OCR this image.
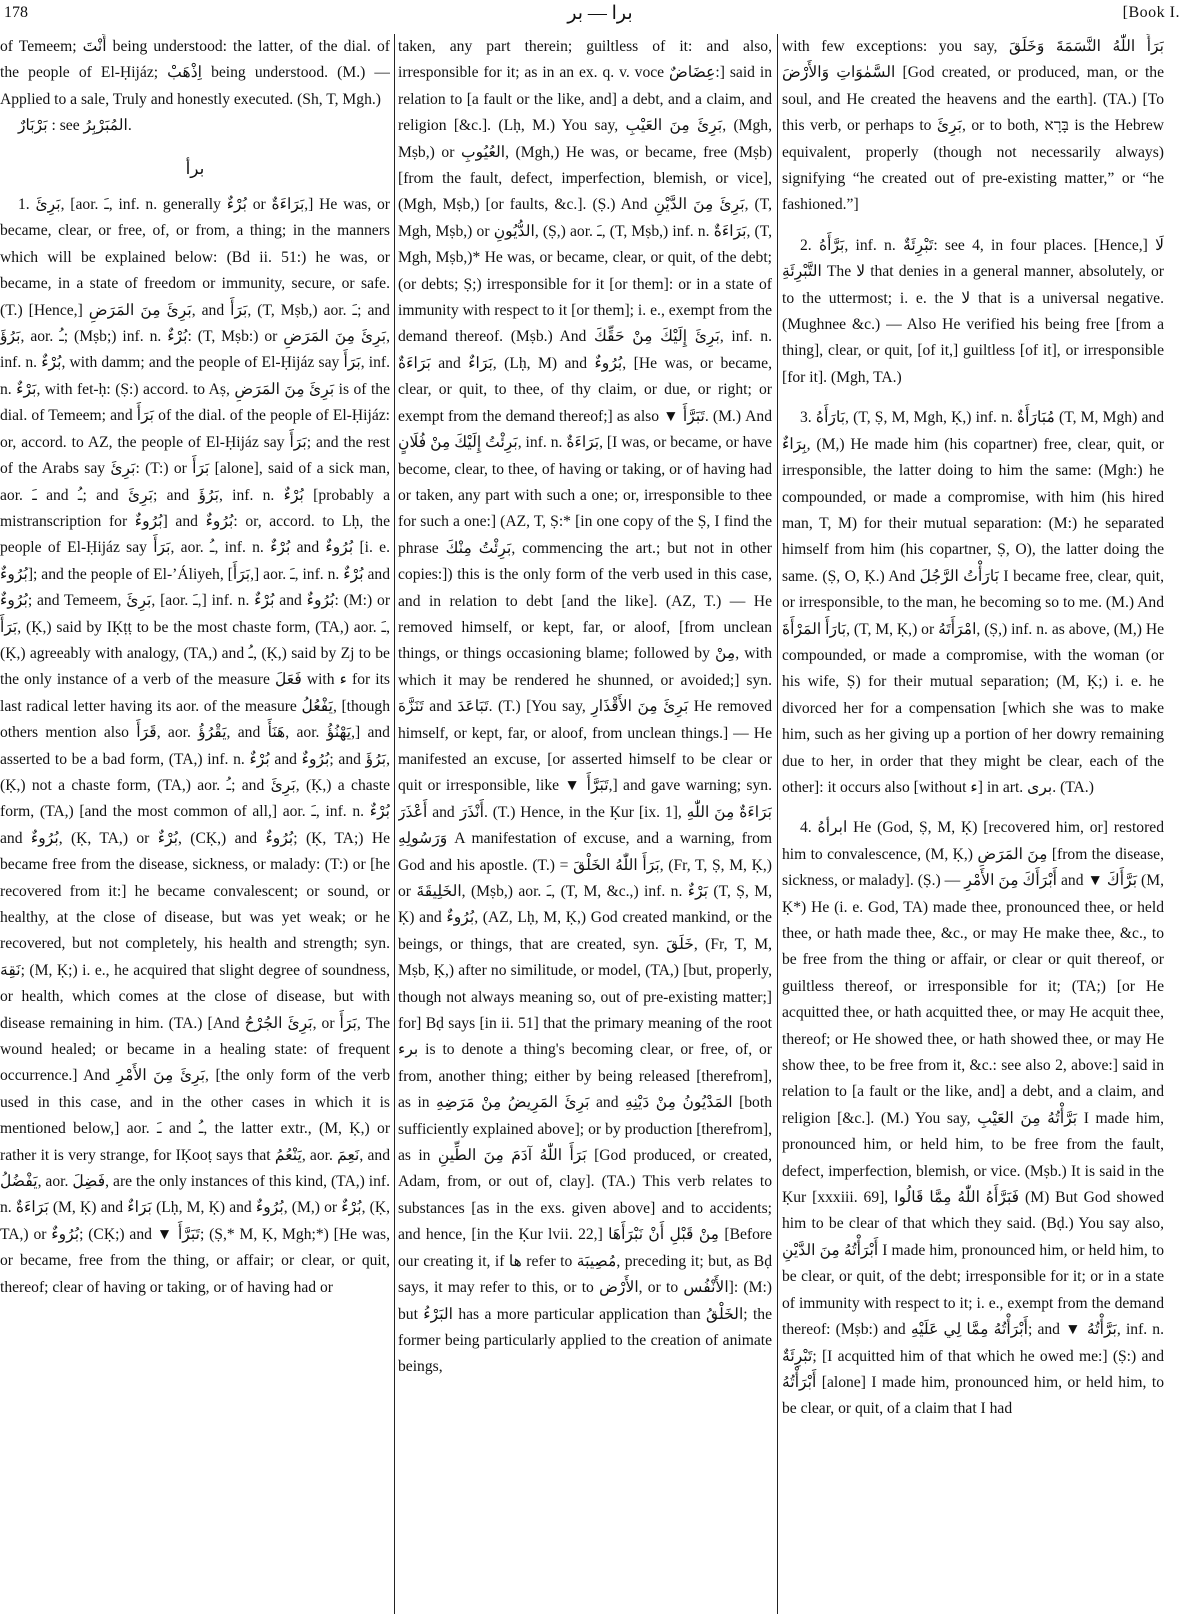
178	برا — بر	[Book I.

of Temeem; أَنْتَ being understood: the latter, of the dial. of the people of El-Ḥijáz; اِذْهَبْ being understood. (M.) — Applied to a sale, Truly and honestly executed. (Sh, T, Mgh.)

بَرْبَارٌ : see المُبَرْبِرُ.

برأ

1. بَرِئَ, [aor. ـَ, inf. n. generally بُرْءٌ or بَرَاءَةٌ,] He was, or became, clear, or free, of, or from, a thing; in the manners which will be explained below: (Bd ii. 51:) he was, or became, in a state of freedom or immunity, secure, or safe. (T.) [Hence,] بَرِئَ مِنَ المَرَضِ, and بَرَأَ, (T, Mṣb,) aor. ـَ; and بَرُؤَ, aor. ـُ; (Mṣb;) inf. n. بُرْءٌ: (T, Mṣb:) or بَرِئَ مِنَ المَرَضِ, inf. n. بُرْءٌ, with damm; and the people of El-Ḥijáz say بَرَأَ, inf. n. بَرْءٌ, with fet-ḥ: (Ṣ:) accord. to Aṣ, بَرِئَ مِنَ المَرَضِ is of the dial. of Temeem; and بَرَأَ of the dial. of the people of El-Ḥijáz: or, accord. to AZ, the people of El-Ḥijáz say بَرَأَ; and the rest of the Arabs say بَرِئَ: (T:) or بَرَأَ [alone], said of a sick man, aor. ـَ and ـُ; and بَرِئَ; and بَرُؤَ, inf. n. بُرْءٌ [probably a mistranscription for بُرُوءٌ] and بُرُوءٌ: or, accord. to Lḥ, the people of El-Ḥijáz say بَرَأَ, aor. ـُ, inf. n. بُرْءٌ and بُرُوءٌ [i. e. بُرُوءٌ]; and the people of El-ʼÁliyeh, [بَرَأَ,] aor. ـَ, inf. n. بُرْءٌ and بُرُوءٌ; and Temeem, بَرِئَ, [aor. ـَ,] inf. n. بُرْءٌ and بُرُوءٌ: (M:) or بَرَأَ, (Ḳ,) said by IḲṭṭ to be the most chaste form, (TA,) aor. ـَ, (Ḳ,) agreeably with analogy, (TA,) and ـُ, (Ḳ,) said by Zj to be the only instance of a verb of the measure فَعَلَ with ء for its last radical letter having its aor. of the measure يَفْعُلُ, [though others mention also قَرَأَ, aor. يَقْرُؤُ, and هَنَأَ, aor. يَهْنُؤُ,] and asserted to be a bad form, (TA,) inf. n. بُرْءٌ and بُرُوءٌ; and بَرُؤَ, (Ḳ,) not a chaste form, (TA,) aor. ـُ; and بَرِئَ, (Ḳ,) a chaste form, (TA,) [and the most common of all,] aor. ـَ, inf. n. بُرْءٌ and بُرُوءٌ, (Ḳ, TA,) or بُرْءٌ, (CḲ,) and بُرُوءٌ; (Ḳ, TA;) He became free from the disease, sickness, or malady: (T:) or [he recovered from it:] he became convalescent; or sound, or healthy, at the close of disease, but was yet weak; or he recovered, but not completely, his health and strength; syn. نَقِهَ; (M, Ḳ;) i. e., he acquired that slight degree of soundness, or health, which comes at the close of disease, but with disease remaining in him. (TA.) [And بَرِئَ الجُرْحُ, or بَرَأَ, The wound healed; or became in a healing state: of frequent occurrence.] And بَرِئَ مِنَ الأَمْرِ, [the only form of the verb used in this case, and in the other cases in which it is mentioned below,] aor. ـَ and ـُ, the latter extr., (M, Ḳ,) or rather it is very strange, for IḲooṭ says that يَنْعُمُ, aor. نَعِمَ, and يَفْضُلُ, aor. فَضِلَ, are the only instances of this kind, (TA,) inf. n. بَرَاءَةٌ (M, Ḳ) and بَرَاءٌ (Lḥ, M, Ḳ) and بُرُوءٌ, (M,) or بُرْءٌ, (Ḳ, TA,) or بُرُوءٌ; (CḲ;) and ▼ تَبَرَّأَ; (Ṣ,* M, Ḳ, Mgh;*) [He was, or became, free from the thing, or affair; or clear, or quit, thereof; clear of having or taking, or of having had or

taken, any part therein; guiltless of it: and also, irresponsible for it; as in an ex. q. v. voce عِضَاضٌ:] said in relation to [a fault or the like, and] a debt, and a claim, and religion [&c.]. (Lḥ, M.) You say, بَرِئَ مِنَ العَيْبِ, (Mgh, Mṣb,) or العُيُوبِ, (Mgh,) He was, or became, free (Mṣb) [from the fault, defect, imperfection, blemish, or vice], (Mgh, Mṣb,) [or faults, &c.]. (Ṣ.) And بَرِئَ مِنَ الدَّيْنِ, (T, Mgh, Mṣb,) or الدُّيُونِ, (Ṣ,) aor. ـَ, (T, Mṣb,) inf. n. بَرَاءَةٌ, (T, Mgh, Mṣb,)* He was, or became, clear, or quit, of the debt; (or debts; Ṣ;) irresponsible for it [or them]: or in a state of immunity with respect to it [or them]; i. e., exempt from the demand thereof. (Mṣb.) And بَرِئَ إِلَيْكَ مِنْ حَقِّكَ, inf. n. بَرَاءَةٌ and بَرَاءٌ, (Lḥ, M) and بُرُوءٌ, [He was, or became, clear, or quit, to thee, of thy claim, or due, or right; or exempt from the demand thereof;] as also ▼ تَبَرَّأَ. (M.) And بَرِئْتُ إِلَيْكَ مِنْ فُلَانٍ, inf. n. بَرَاءَةٌ, [I was, or became, or have become, clear, to thee, of having or taking, or of having had or taken, any part with such a one; or, irresponsible to thee for such a one:] (AZ, T, Ṣ:* [in one copy of the Ṣ, I find the phrase بَرِئْتُ مِنْكَ, commencing the art.; but not in other copies:]) this is the only form of the verb used in this case, and in relation to debt [and the like]. (AZ, T.) — He removed himself, or kept, far, or aloof, [from unclean things, or things occasioning blame; followed by مِنْ, with which it may be rendered he shunned, or avoided;] syn. تَنَزَّهَ and تَبَاعَدَ. (T.) [You say, بَرِئَ مِنَ الأَقْذَارِ He removed himself, or kept, far, or aloof, from unclean things.] — He manifested an excuse, [or asserted himself to be clear or quit or irresponsible, like ▼ تَبَرَّأَ,] and gave warning; syn. أَعْذَرَ and أَنْذَرَ. (T.) Hence, in the Ḳur [ix. 1], بَرَاءَةٌ مِنَ اللّٰهِ وَرَسُولِهِ A manifestation of excuse, and a warning, from God and his apostle. (T.) = بَرَأَ اللّٰهُ الخَلْقَ, (Fr, T, Ṣ, M, Ḳ,) or الخَلِيقَةَ, (Mṣb,) aor. ـَ, (T, M, &c.,) inf. n. بَرْءٌ (T, Ṣ, M, Ḳ) and بُرُوءٌ, (AZ, Lḥ, M, Ḳ,) God created mankind, or the beings, or things, that are created, syn. خَلَقَ, (Fr, T, M, Mṣb, Ḳ,) after no similitude, or model, (TA,) [but, properly, though not always meaning so, out of pre-existing matter;] for] Bḍ says [in ii. 51] that the primary meaning of the root برء is to denote a thing's becoming clear, or free, of, or from, another thing; either by being released [therefrom], as in بَرِئَ المَرِيضُ مِنْ مَرَضِهِ and المَدْيُونُ مِنْ دَيْنِهِ [both sufficiently explained above]; or by production [therefrom], as in بَرَأَ اللّٰهُ آدَمَ مِنَ الطِّينِ [God produced, or created, Adam, from, or out of, clay]. (TA.) This verb relates to substances [as in the exs. given above] and to accidents; and hence, [in the Ḳur lvii. 22,] مِنْ قَبْلِ أَنْ نَبْرَأَهَا [Before our creating it, if ها refer to مُصِيبَة, preceding it; but, as Bḍ says, it may refer to this, or to الأَرْض, or to الأَنْفُس]: (M:) but البَرْءُ has a more particular application than الخَلْقُ; the former being particularly applied to the creation of animate beings,

with few exceptions: you say, بَرَأَ اللّٰهُ النَّسَمَةَ وَخَلَقَ السَّمٰوَاتِ وَالأَرْضَ [God created, or produced, man, or the soul, and He created the heavens and the earth]. (TA.) [To this verb, or perhaps to بَرِئَ, or to both, בָּרָא is the Hebrew equivalent, properly (though not necessarily always) signifying “he created out of pre-existing matter,” or “he fashioned.”]

2. بَرَّأَهُ, inf. n. تَبْرِئَةٌ: see 4, in four places. [Hence,] لَا التَّبْرِئَةِ The لا that denies in a general manner, absolutely, or to the uttermost; i. e. the لا that is a universal negative. (Mughnee &c.) — Also He verified his being free [from a thing], clear, or quit, [of it,] guiltless [of it], or irresponsible [for it]. (Mgh, TA.)

3. بَارَأَهُ, (T, Ṣ, M, Mgh, Ḳ,) inf. n. مُبَارَأَةٌ (T, M, Mgh) and بِرَاءٌ, (M,) He made him (his copartner) free, clear, quit, or irresponsible, the latter doing to him the same: (Mgh:) he compounded, or made a compromise, with him (his hired man, T, M) for their mutual separation: (M:) he separated himself from him (his copartner, Ṣ, O), the latter doing the same. (Ṣ, O, Ḳ.) And بَارَأْتُ الرَّجُلَ I became free, clear, quit, or irresponsible, to the man, he becoming so to me. (M.) And بَارَأَ المَرْأَةَ, (T, M, Ḳ,) or امْرَأَتَهُ, (Ṣ,) inf. n. as above, (M,) He compounded, or made a compromise, with the woman (or his wife, Ṣ) for their mutual separation; (M, Ḳ;) i. e. he divorced her for a compensation [which she was to make him, such as her giving up a portion of her dowry remaining due to her, in order that they might be clear, each of the other]: it occurs also [without ء] in art. برى. (TA.)

4. ابرأهُ He (God, Ṣ, M, Ḳ) [recovered him, or] restored him to convalescence, (M, Ḳ,) مِنَ المَرَضِ [from the disease, sickness, or malady]. (Ṣ.) — أَبْرَأَكَ مِنَ الأَمْرِ and ▼ بَرَّأَكَ (M, Ḳ*) He (i. e. God, TA) made thee, pronounced thee, or held thee, or hath made thee, &c., or may He make thee, &c., to be free from the thing or affair, or clear or quit thereof, or guiltless thereof, or irresponsible for it; (TA;) [or He acquitted thee, or hath acquitted thee, or may He acquit thee, thereof; or He showed thee, or hath showed thee, or may He show thee, to be free from it, &c.: see also 2, above:] said in relation to [a fault or the like, and] a debt, and a claim, and religion [&c.]. (M.) You say, بَرَّأْتُهُ مِنَ العَيْبِ I made him, pronounced him, or held him, to be free from the fault, defect, imperfection, blemish, or vice. (Mṣb.) It is said in the Ḳur [xxxiii. 69], فَبَرَّأَهُ اللّٰهُ مِمَّا قَالُوا (M) But God showed him to be clear of that which they said. (Bḍ.) You say also, أَبْرَأْتُهُ مِنَ الدَّيْنِ I made him, pronounced him, or held him, to be clear, or quit, of the debt; irresponsible for it; or in a state of immunity with respect to it; i. e., exempt from the demand thereof: (Mṣb:) and أَبْرَأْتُهُ مِمَّا لِي عَلَيْهِ; and ▼ بَرَّأْتُهُ, inf. n. تَبْرِئَةٌ; [I acquitted him of that which he owed me:] (Ṣ:) and أَبْرَأْتُهُ [alone] I made him, pronounced him, or held him, to be clear, or quit, of a claim that I had
